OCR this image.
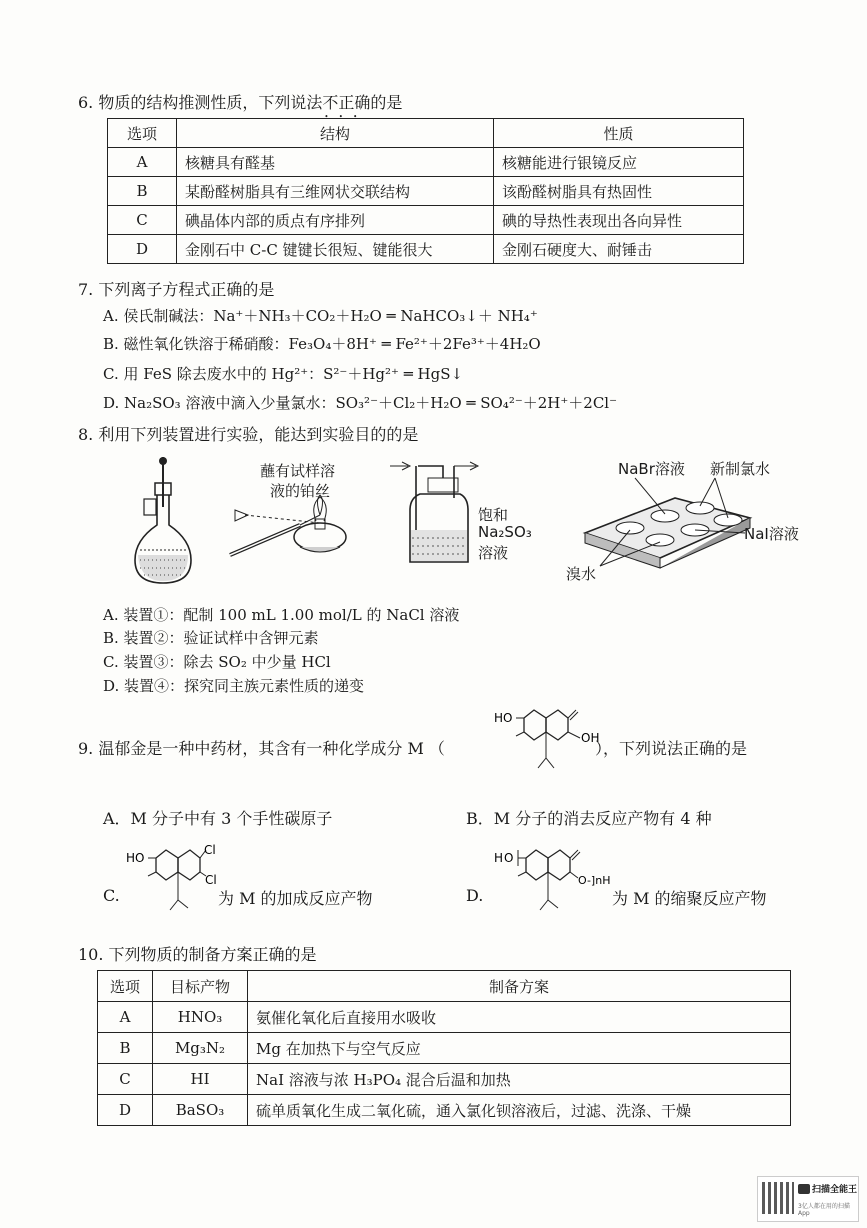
6. 物质的结构推测性质，下列说法不正确 • • •的是
选项	结构	性质
A	核糖具有醛基	核糖能进行银镜反应
B	某酚醛树脂具有三维网状交联结构	该酚醛树脂具有热固性
C	碘晶体内部的质点有序排列	碘的导热性表现出各向异性
D	金刚石中 C-C 键键长很短、键能很大	金刚石硬度大、耐锤击
7. 下列离子方程式正确的是
A. 侯氏制碱法：Na⁺＋NH₃＋CO₂＋H₂O ═ NaHCO₃↓＋ NH₄⁺
B. 磁性氧化铁溶于稀硝酸：Fe₃O₄＋8H⁺ ═ Fe²⁺＋2Fe³⁺＋4H₂O
C. 用 FeS 除去废水中的 Hg²⁺：S²⁻＋Hg²⁺ ═ HgS↓
D. Na₂SO₃ 溶液中滴入少量氯水：SO₃²⁻＋Cl₂＋H₂O ═ SO₄²⁻＋2H⁺＋2Cl⁻
8. 利用下列装置进行实验，能达到实验目的的是
蘸有试样溶
液的铂丝
饱和
Na₂SO₃
溶液
NaBr溶液 新制氯水
NaI溶液
溴水
A. 装置①：配制 100 mL 1.00 mol/L 的 NaCl 溶液
B. 装置②：验证试样中含钾元素
C. 装置③：除去 SO₂ 中少量 HCl
D. 装置④：探究同主族元素性质的递变
9. 温郁金是一种中药材，其含有一种化学成分 M （
HO
OH
），下列说法正确的是
A．M 分子中有 3 个手性碳原子	B．M 分子的消去反应产物有 4 种
C.
HO
Cl
Cl
为 M 的加成反应产物	D.
H O
O-]nH
为 M 的缩聚反应产物
10. 下列物质的制备方案正确的是
选项	目标产物	制备方案
A	HNO₃	氨催化氧化后直接用水吸收
B	Mg₃N₂	Mg 在加热下与空气反应
C	HI	NaI 溶液与浓 H₃PO₄ 混合后温和加热
D	BaSO₃	硫单质氧化生成二氧化硫，通入氯化钡溶液后，过滤、洗涤、干燥
扫描全能王
3亿人都在用的扫描App
